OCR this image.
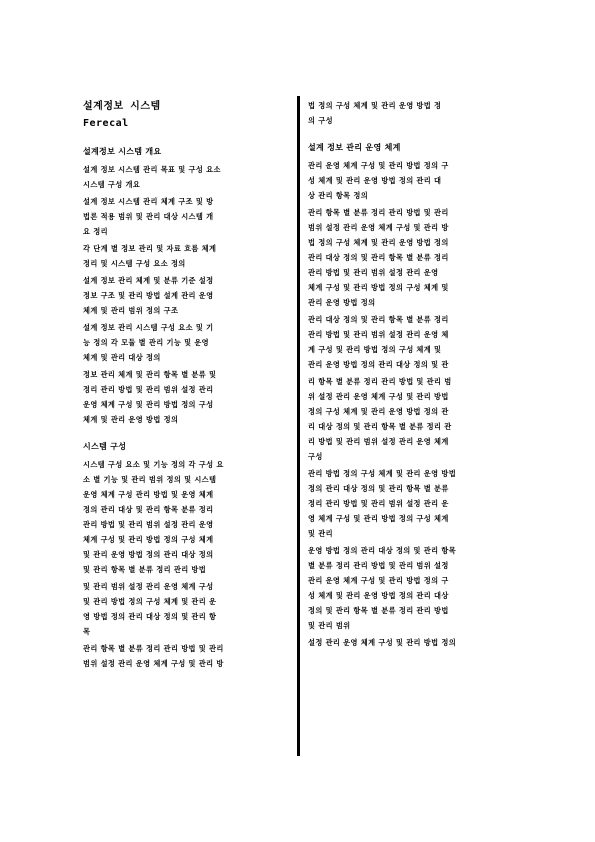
설계정보 시스템
Ferecal
설계정보 시스템 개요
설계 정보 시스템 관리 목표 및 구성 요소
시스템 구성 개요
설계 정보 시스템 관리 체계 구조 및 방
법론 적용 범위 및 관리 대상 시스템 개
요 정리
각 단계 별 정보 관리 및 자료 흐름 체계
정리 및 시스템 구성 요소 정의
설계 정보 관리 체계 및 분류 기준 설정
정보 구조 및 관리 방법 설계 관리 운영
체계 및 관리 범위 정의 구조
설계 정보 관리 시스템 구성 요소 및 기
능 정의 각 모듈 별 관리 기능 및 운영
체계 및 관리 대상 정의
정보 관리 체계 및 관리 항목 별 분류 및
정리 관리 방법 및 관리 범위 설정 관리
운영 체계 구성 및 관리 방법 정의 구성
체계 및 관리 운영 방법 정의
시스템 구성
시스템 구성 요소 및 기능 정의 각 구성 요
소 별 기능 및 관리 범위 정의 및 시스템
운영 체계 구성 관리 방법 및 운영 체계
정의 관리 대상 및 관리 항목 분류 정리
관리 방법 및 관리 범위 설정 관리 운영
체계 구성 및 관리 방법 정의 구성 체계
및 관리 운영 방법 정의 관리 대상 정의
및 관리 항목 별 분류 정리 관리 방법
및 관리 범위 설정 관리 운영 체계 구성
및 관리 방법 정의 구성 체계 및 관리 운
영 방법 정의 관리 대상 정의 및 관리 항
목
관리 항목 별 분류 정리 관리 방법 및 관리
범위 설정 관리 운영 체계 구성 및 관리 방
법 정의 구성 체계 및 관리 운영 방법 정
의 구성
설계 정보 관리 운영 체계
관리 운영 체계 구성 및 관리 방법 정의 구
성 체계 및 관리 운영 방법 정의 관리 대
상 관리 항목 정의
관리 항목 별 분류 정리 관리 방법 및 관리
범위 설정 관리 운영 체계 구성 및 관리 방
법 정의 구성 체계 및 관리 운영 방법 정의
관리 대상 정의 및 관리 항목 별 분류 정리
관리 방법 및 관리 범위 설정 관리 운영
체계 구성 및 관리 방법 정의 구성 체계 및
관리 운영 방법 정의
관리 대상 정의 및 관리 항목 별 분류 정리
관리 방법 및 관리 범위 설정 관리 운영 체
계 구성 및 관리 방법 정의 구성 체계 및
관리 운영 방법 정의 관리 대상 정의 및 관
리 항목 별 분류 정리 관리 방법 및 관리 범
위 설정 관리 운영 체계 구성 및 관리 방법
정의 구성 체계 및 관리 운영 방법 정의 관
리 대상 정의 및 관리 항목 별 분류 정리 관
리 방법 및 관리 범위 설정 관리 운영 체계
구성
관리 방법 정의 구성 체계 및 관리 운영 방법
정의 관리 대상 정의 및 관리 항목 별 분류
정리 관리 방법 및 관리 범위 설정 관리 운
영 체계 구성 및 관리 방법 정의 구성 체계
및 관리
운영 방법 정의 관리 대상 정의 및 관리 항목
별 분류 정리 관리 방법 및 관리 범위 설정
관리 운영 체계 구성 및 관리 방법 정의 구
성 체계 및 관리 운영 방법 정의 관리 대상
정의 및 관리 항목 별 분류 정리 관리 방법
및 관리 범위
설정 관리 운영 체계 구성 및 관리 방법 정의
